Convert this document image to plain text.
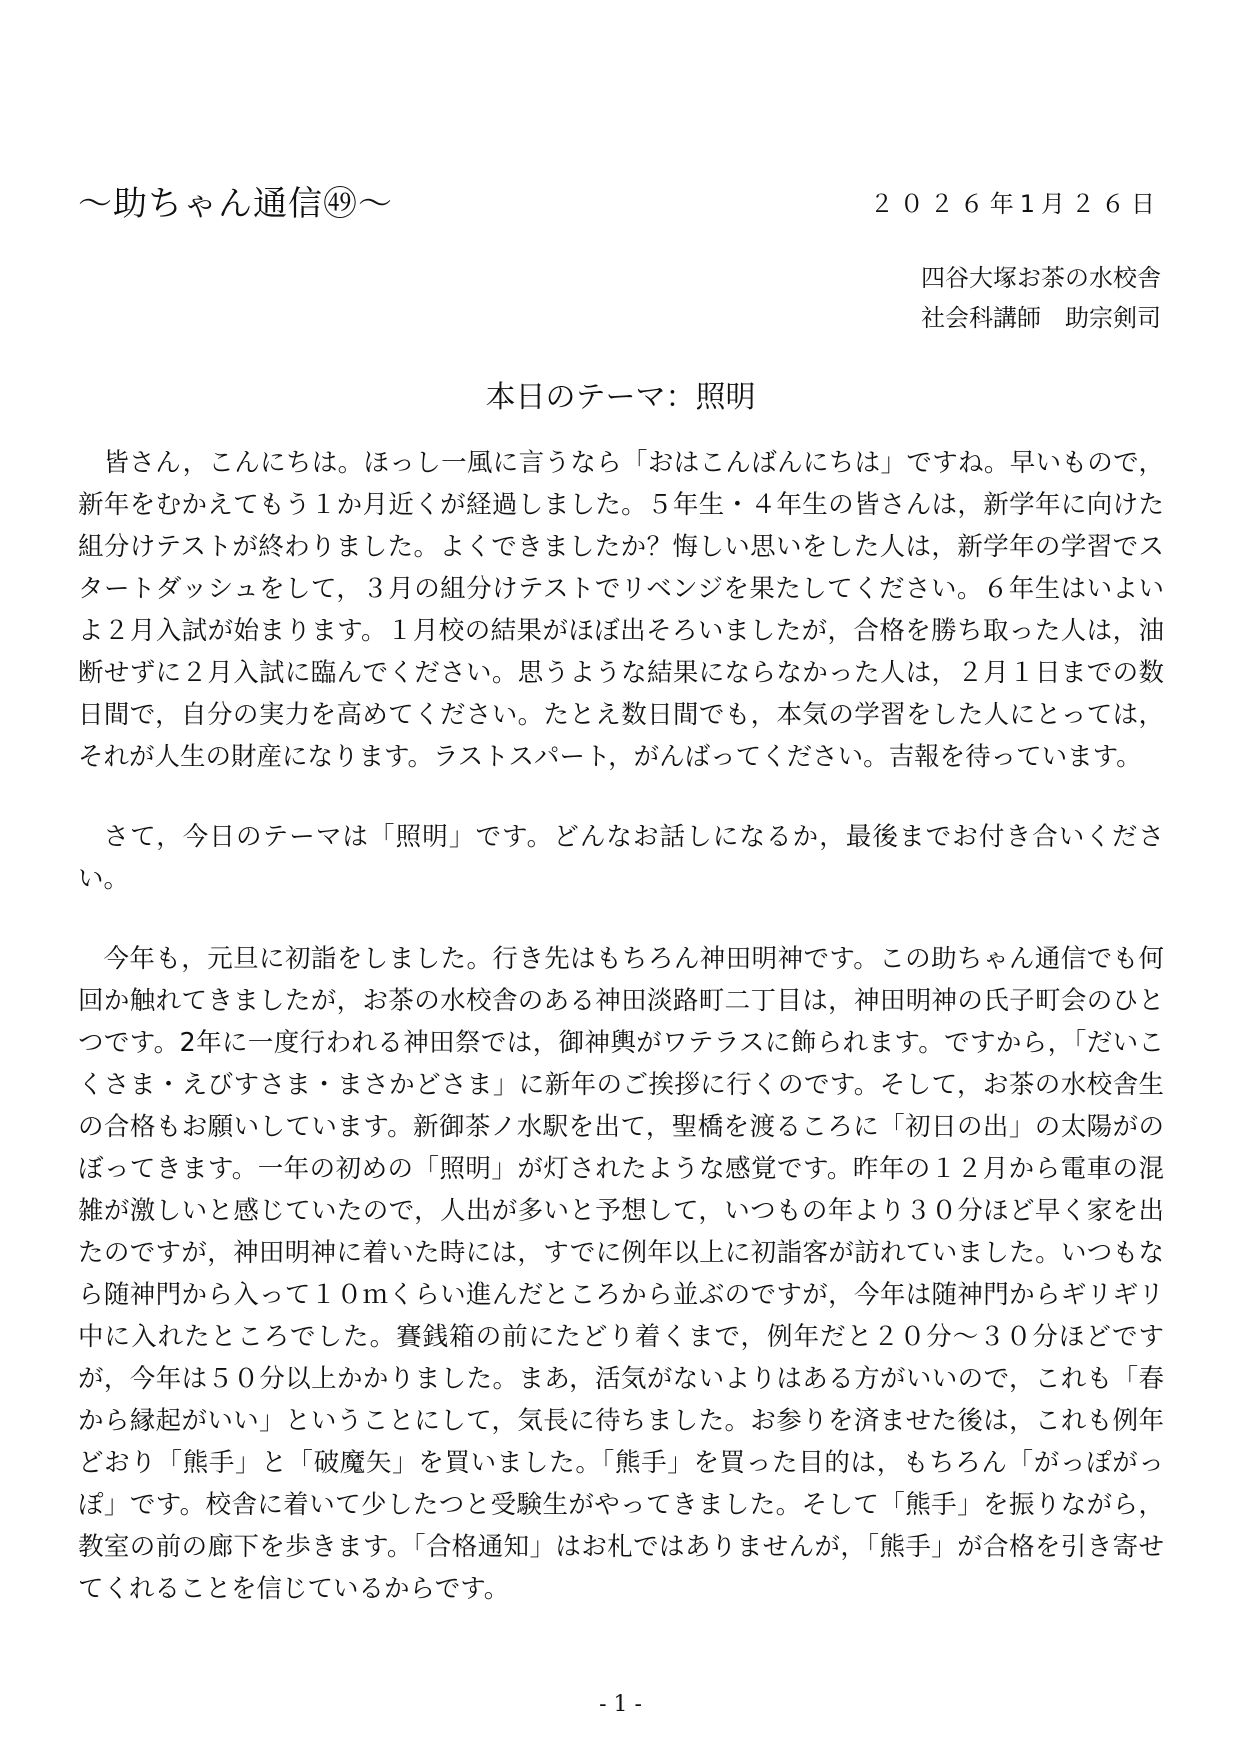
～助ちゃん通信㊾～	２０２６年1月２６日
四谷大塚お茶の水校舎
社会科講師　助宗剣司
本日のテーマ：照明

皆さん，こんにちは。ほっし一風に言うなら「おはこんばんにちは」ですね。早いもので，新年をむかえてもう１か月近くが経過しました。５年生・４年生の皆さんは，新学年に向けた組分けテストが終わりました。よくできましたか？悔しい思いをした人は，新学年の学習でスタートダッシュをして，３月の組分けテストでリベンジを果たしてください。６年生はいよいよ２月入試が始まります。１月校の結果がほぼ出そろいましたが，合格を勝ち取った人は，油断せずに２月入試に臨んでください。思うような結果にならなかった人は，２月１日までの数日間で，自分の実力を高めてください。たとえ数日間でも，本気の学習をした人にとっては，それが人生の財産になります。ラストスパート，がんばってください。吉報を待っています。

さて，今日のテーマは「照明」です。どんなお話しになるか，最後までお付き合いください。

今年も，元旦に初詣をしました。行き先はもちろん神田明神です。この助ちゃん通信でも何回か触れてきましたが，お茶の水校舎のある神田淡路町二丁目は，神田明神の氏子町会のひとつです。2年に一度行われる神田祭では，御神輿がワテラスに飾られます。ですから，「だいこくさま・えびすさま・まさかどさま」に新年のご挨拶に行くのです。そして，お茶の水校舎生の合格もお願いしています。新御茶ノ水駅を出て，聖橋を渡るころに「初日の出」の太陽がのぼってきます。一年の初めの「照明」が灯されたような感覚です。昨年の１２月から電車の混雑が激しいと感じていたので，人出が多いと予想して，いつもの年より３０分ほど早く家を出たのですが，神田明神に着いた時には，すでに例年以上に初詣客が訪れていました。いつもなら随神門から入って１０ｍくらい進んだところから並ぶのですが，今年は随神門からギリギリ中に入れたところでした。賽銭箱の前にたどり着くまで，例年だと２０分～３０分ほどですが，今年は５０分以上かかりました。まあ，活気がないよりはある方がいいので，これも「春から縁起がいい」ということにして，気長に待ちました。お参りを済ませた後は，これも例年どおり「熊手」と「破魔矢」を買いました。「熊手」を買った目的は，もちろん「がっぽがっぽ」です。校舎に着いて少したつと受験生がやってきました。そして「熊手」を振りながら，教室の前の廊下を歩きます。「合格通知」はお札ではありませんが，「熊手」が合格を引き寄せてくれることを信じているからです。

- 1 -
